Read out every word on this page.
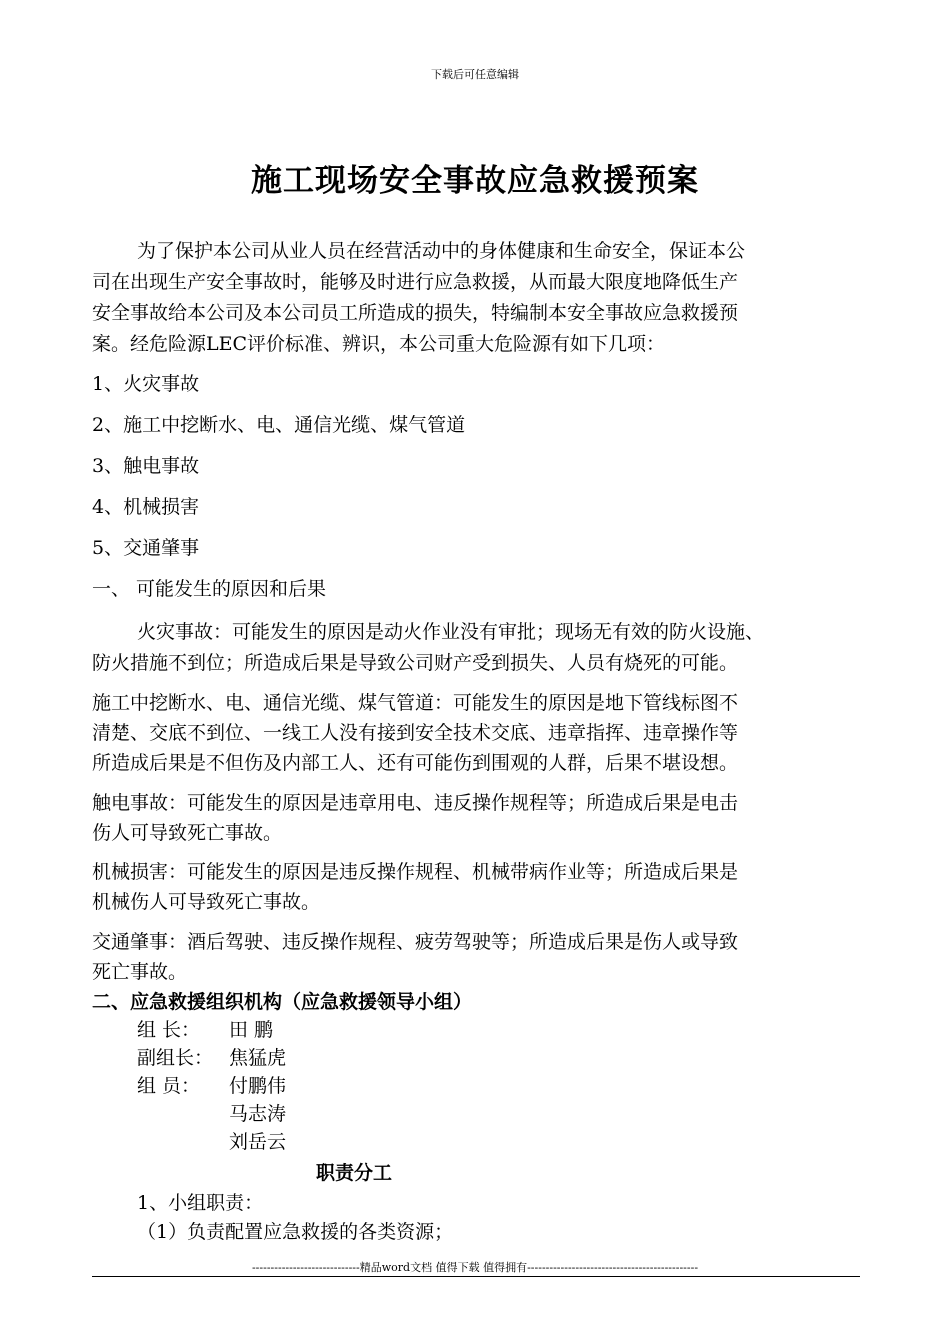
下载后可任意编辑
施工现场安全事故应急救援预案
为了保护本公司从业人员在经营活动中的身体健康和生命安全，保证本公
司在出现生产安全事故时，能够及时进行应急救援，从而最大限度地降低生产
安全事故给本公司及本公司员工所造成的损失，特编制本安全事故应急救援预
案。经危险源LEC评价标准、辨识，本公司重大危险源有如下几项：
1、火灾事故
2、施工中挖断水、电、通信光缆、煤气管道
3、触电事故
4、机械损害
5、交通肇事
一、 可能发生的原因和后果
火灾事故：可能发生的原因是动火作业没有审批；现场无有效的防火设施、
防火措施不到位；所造成后果是导致公司财产受到损失、人员有烧死的可能。
施工中挖断水、电、通信光缆、煤气管道：可能发生的原因是地下管线标图不
清楚、交底不到位、一线工人没有接到安全技术交底、违章指挥、违章操作等
所造成后果是不但伤及内部工人、还有可能伤到围观的人群，后果不堪设想。
触电事故：可能发生的原因是违章用电、违反操作规程等；所造成后果是电击
伤人可导致死亡事故。
机械损害：可能发生的原因是违反操作规程、机械带病作业等；所造成后果是
机械伤人可导致死亡事故。
交通肇事：酒后驾驶、违反操作规程、疲劳驾驶等；所造成后果是伤人或导致
死亡事故。
二、应急救援组织机构（应急救援领导小组）
组 长： 田 鹏
副组长： 焦猛虎
组 员： 付鹏伟
马志涛
刘岳云
职责分工
1、小组职责：
（1）负责配置应急救援的各类资源；
-----------------------------精品word文档 值得下载 值得拥有----------------------------------------------
